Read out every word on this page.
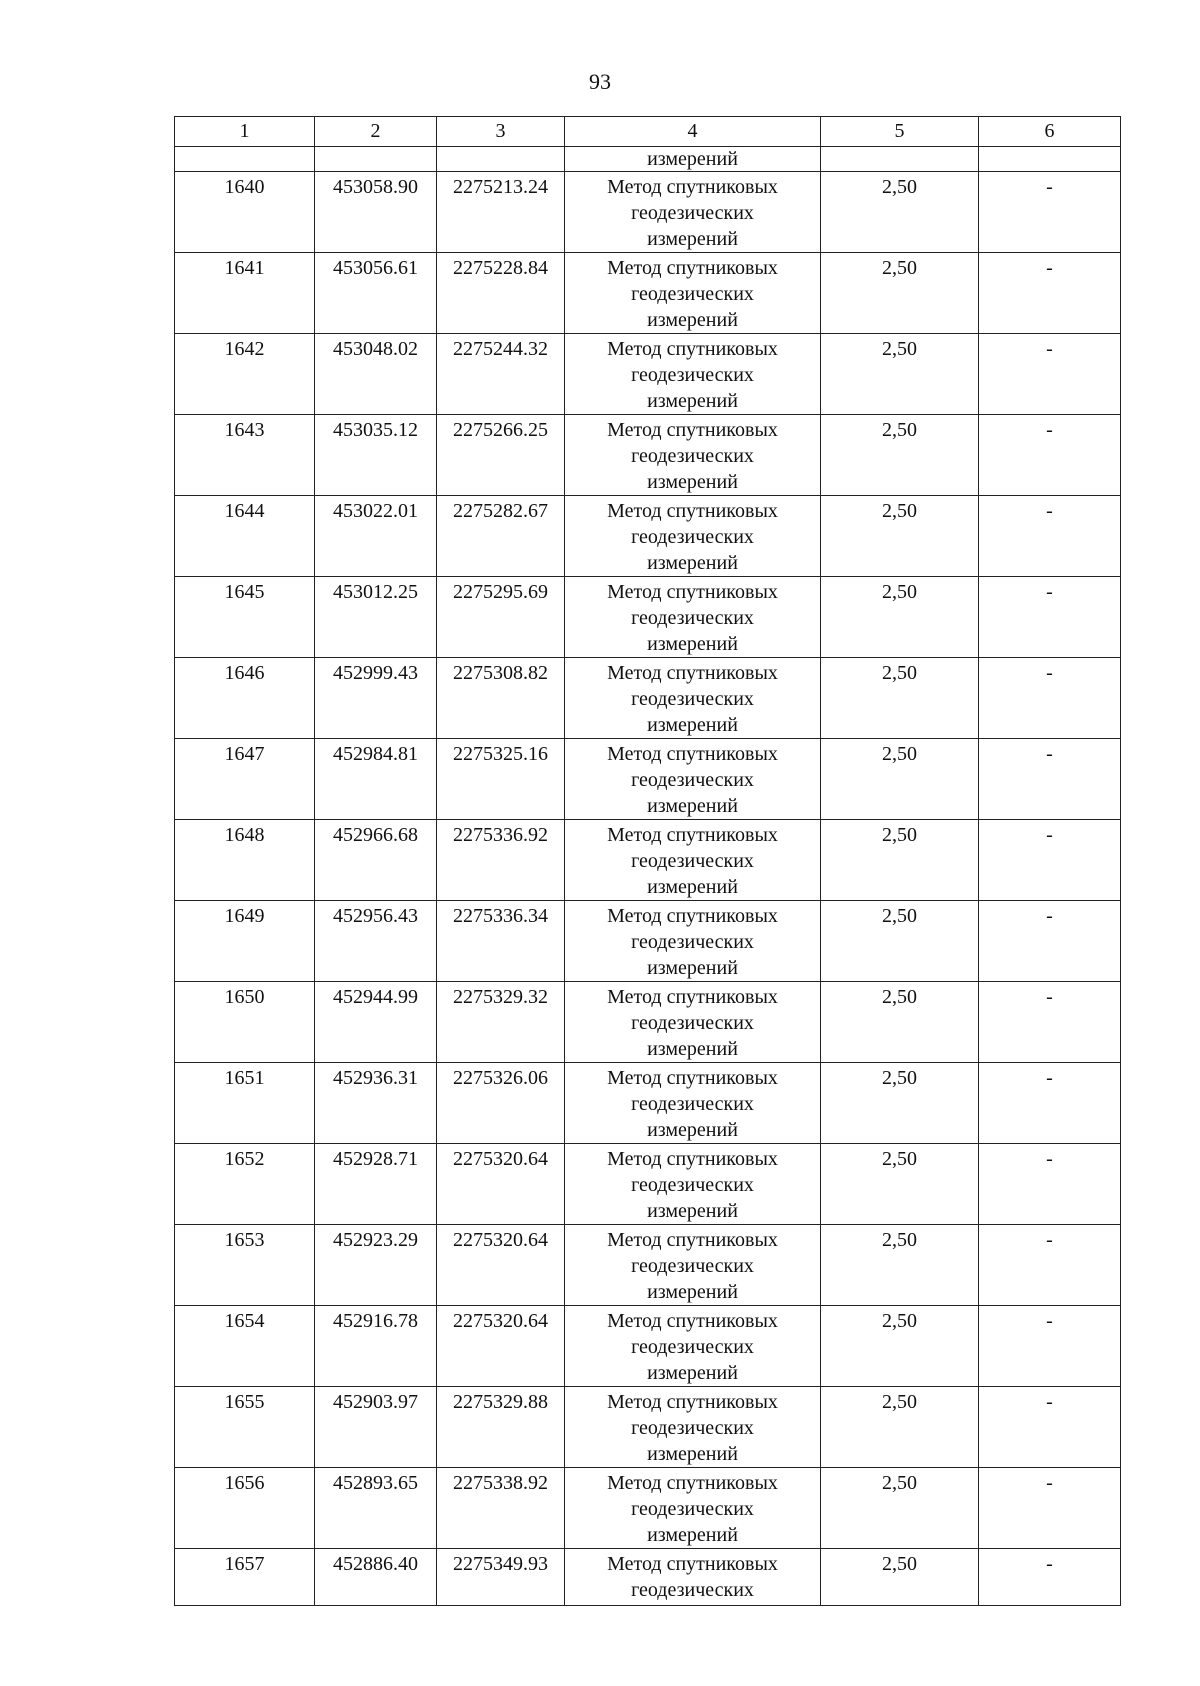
93
1	2	3	4	5	6
			измерений		
1640	453058.90	2275213.24	Метод спутниковых
геодезических
измерений	2,50	-
1641	453056.61	2275228.84	Метод спутниковых
геодезических
измерений	2,50	-
1642	453048.02	2275244.32	Метод спутниковых
геодезических
измерений	2,50	-
1643	453035.12	2275266.25	Метод спутниковых
геодезических
измерений	2,50	-
1644	453022.01	2275282.67	Метод спутниковых
геодезических
измерений	2,50	-
1645	453012.25	2275295.69	Метод спутниковых
геодезических
измерений	2,50	-
1646	452999.43	2275308.82	Метод спутниковых
геодезических
измерений	2,50	-
1647	452984.81	2275325.16	Метод спутниковых
геодезических
измерений	2,50	-
1648	452966.68	2275336.92	Метод спутниковых
геодезических
измерений	2,50	-
1649	452956.43	2275336.34	Метод спутниковых
геодезических
измерений	2,50	-
1650	452944.99	2275329.32	Метод спутниковых
геодезических
измерений	2,50	-
1651	452936.31	2275326.06	Метод спутниковых
геодезических
измерений	2,50	-
1652	452928.71	2275320.64	Метод спутниковых
геодезических
измерений	2,50	-
1653	452923.29	2275320.64	Метод спутниковых
геодезических
измерений	2,50	-
1654	452916.78	2275320.64	Метод спутниковых
геодезических
измерений	2,50	-
1655	452903.97	2275329.88	Метод спутниковых
геодезических
измерений	2,50	-
1656	452893.65	2275338.92	Метод спутниковых
геодезических
измерений	2,50	-
1657	452886.40	2275349.93	Метод спутниковых
геодезических	2,50	-
